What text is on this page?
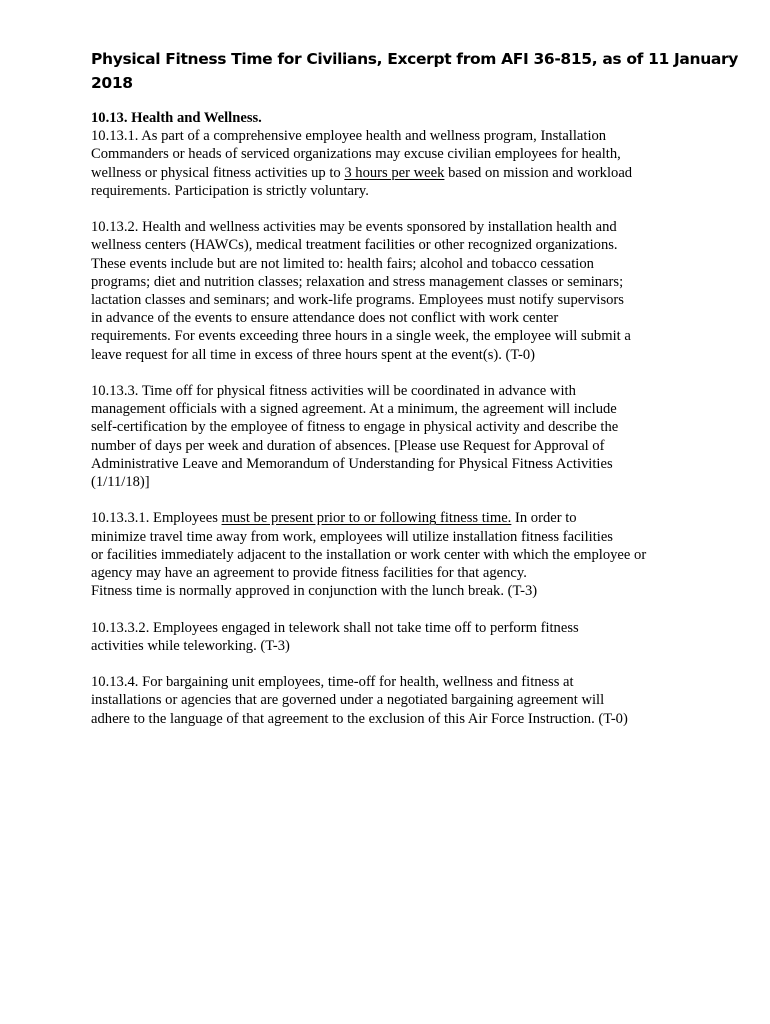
Physical Fitness Time for Civilians, Excerpt from AFI 36-815, as of 11 January
2018
10.13. Health and Wellness.
10.13.1. As part of a comprehensive employee health and wellness program, Installation
Commanders or heads of serviced organizations may excuse civilian employees for health,
wellness or physical fitness activities up to 3 hours per week based on mission and workload
requirements. Participation is strictly voluntary.
10.13.2. Health and wellness activities may be events sponsored by installation health and
wellness centers (HAWCs), medical treatment facilities or other recognized organizations.
These events include but are not limited to: health fairs; alcohol and tobacco cessation
programs; diet and nutrition classes; relaxation and stress management classes or seminars;
lactation classes and seminars; and work-life programs. Employees must notify supervisors
in advance of the events to ensure attendance does not conflict with work center
requirements. For events exceeding three hours in a single week, the employee will submit a
leave request for all time in excess of three hours spent at the event(s). (T-0)
10.13.3. Time off for physical fitness activities will be coordinated in advance with
management officials with a signed agreement. At a minimum, the agreement will include
self-certification by the employee of fitness to engage in physical activity and describe the
number of days per week and duration of absences. [Please use Request for Approval of
Administrative Leave and Memorandum of Understanding for Physical Fitness Activities
(1/11/18)]
10.13.3.1. Employees must be present prior to or following fitness time. In order to
minimize travel time away from work, employees will utilize installation fitness facilities
or facilities immediately adjacent to the installation or work center with which the employee or
agency may have an agreement to provide fitness facilities for that agency.
Fitness time is normally approved in conjunction with the lunch break. (T-3)
10.13.3.2. Employees engaged in telework shall not take time off to perform fitness
activities while teleworking. (T-3)
10.13.4. For bargaining unit employees, time-off for health, wellness and fitness at
installations or agencies that are governed under a negotiated bargaining agreement will
adhere to the language of that agreement to the exclusion of this Air Force Instruction. (T-0)
